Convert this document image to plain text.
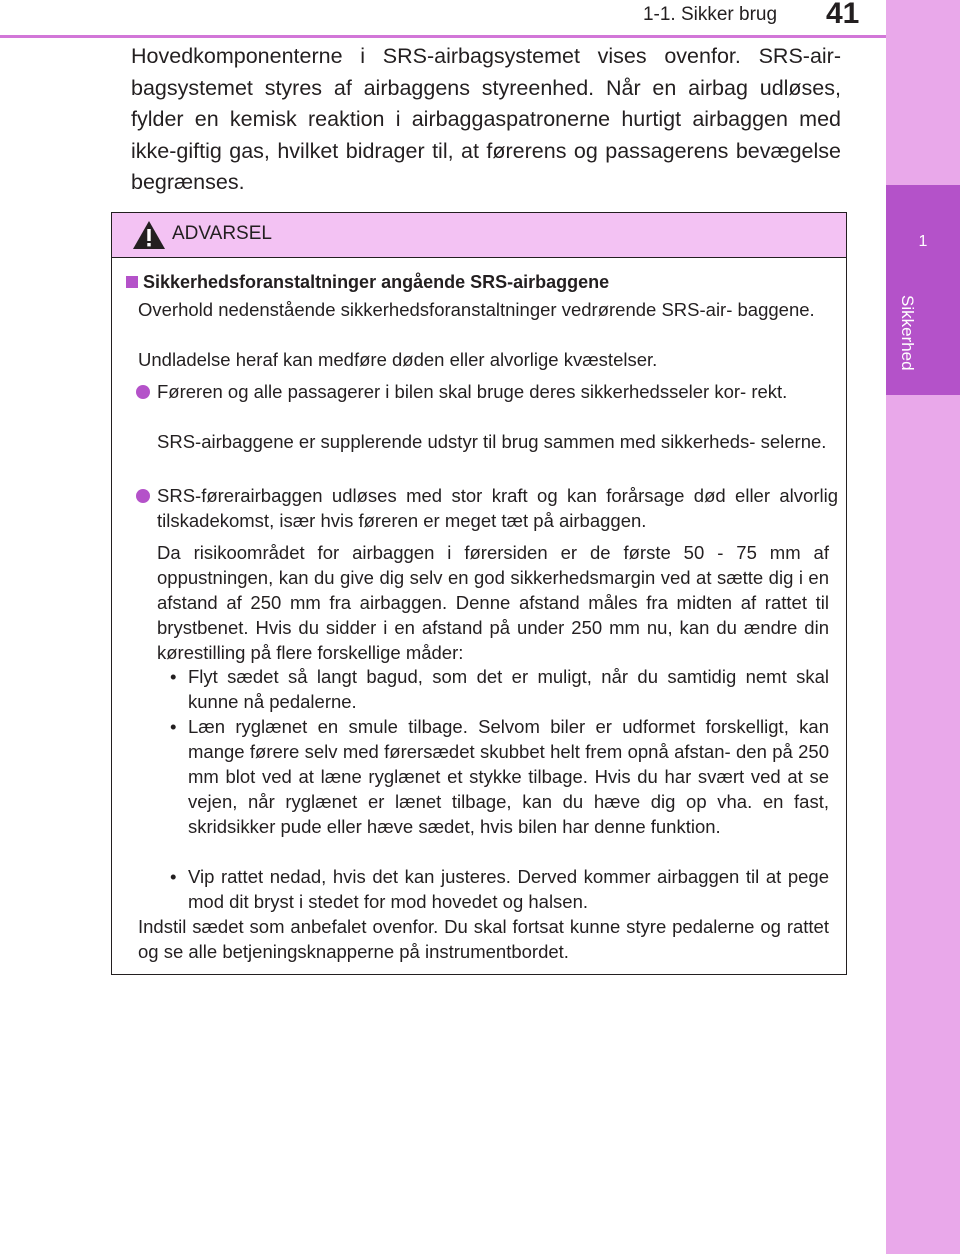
1-1. Sikker brug 41
1
Sikkerhed
Hovedkomponenterne i SRS-airbagsystemet vises ovenfor. SRS-air- bagsystemet styres af airbaggens styreenhed. Når en airbag udløses, fylder en kemisk reaktion i airbaggaspatronerne hurtigt airbaggen med ikke-giftig gas, hvilket bidrager til, at førerens og passagerens bevægelse begrænses.
ADVARSEL
Sikkerhedsforanstaltninger angående SRS-airbaggene
Overhold nedenstående sikkerhedsforanstaltninger vedrørende SRS-air- baggene.
Undladelse heraf kan medføre døden eller alvorlige kvæstelser.
Føreren og alle passagerer i bilen skal bruge deres sikkerhedsseler kor- rekt.
SRS-airbaggene er supplerende udstyr til brug sammen med sikkerheds- selerne.
SRS-førerairbaggen udløses med stor kraft og kan forårsage død eller alvorlig tilskadekomst, især hvis føreren er meget tæt på airbaggen.
Da risikoområdet for airbaggen i førersiden er de første 50 - 75 mm af oppustningen, kan du give dig selv en god sikkerhedsmargin ved at sætte dig i en afstand af 250 mm fra airbaggen. Denne afstand måles fra midten af rattet til brystbenet. Hvis du sidder i en afstand på under 250 mm nu, kan du ændre din kørestilling på flere forskellige måder:
• Flyt sædet så langt bagud, som det er muligt, når du samtidig nemt skal kunne nå pedalerne.
• Læn ryglænet en smule tilbage. Selvom biler er udformet forskelligt, kan mange førere selv med førersædet skubbet helt frem opnå afstan- den på 250 mm blot ved at læne ryglænet et stykke tilbage. Hvis du har svært ved at se vejen, når ryglænet er lænet tilbage, kan du hæve dig op vha. en fast, skridsikker pude eller hæve sædet, hvis bilen har denne funktion.
• Vip rattet nedad, hvis det kan justeres. Derved kommer airbaggen til at pege mod dit bryst i stedet for mod hovedet og halsen.
Indstil sædet som anbefalet ovenfor. Du skal fortsat kunne styre pedalerne og rattet og se alle betjeningsknapperne på instrumentbordet.
